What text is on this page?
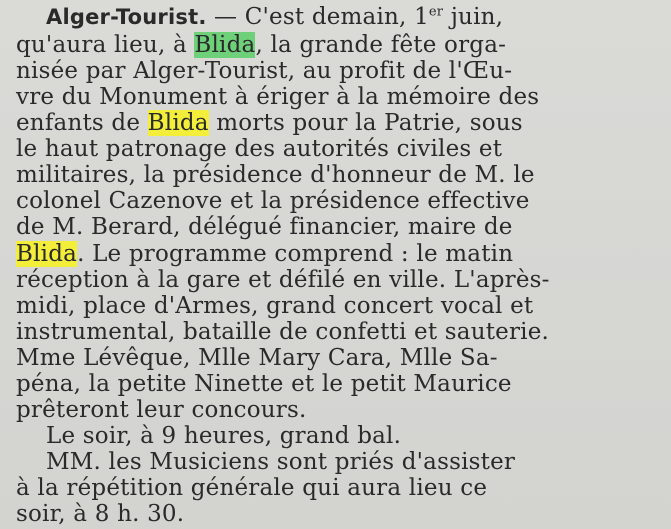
Alger-Tourist. — C'est demain, 1er juin,
qu'aura lieu, à Blida, la grande fête orga-
nisée par Alger-Tourist, au profit de l'Œu-
vre du Monument à ériger à la mémoire des
enfants de Blida morts pour la Patrie, sous
le haut patronage des autorités civiles et
militaires, la présidence d'honneur de M. le
colonel Cazenove et la présidence effective
de M. Berard, délégué financier, maire de
Blida. Le programme comprend : le matin
réception à la gare et défilé en ville. L'après-
midi, place d'Armes, grand concert vocal et
instrumental, bataille de confetti et sauterie.
Mme Lévêque, Mlle Mary Cara, Mlle Sa-
péna, la petite Ninette et le petit Maurice
prêteront leur concours.
Le soir, à 9 heures, grand bal.
MM. les Musiciens sont priés d'assister
à la répétition générale qui aura lieu ce
soir, à 8 h. 30.
